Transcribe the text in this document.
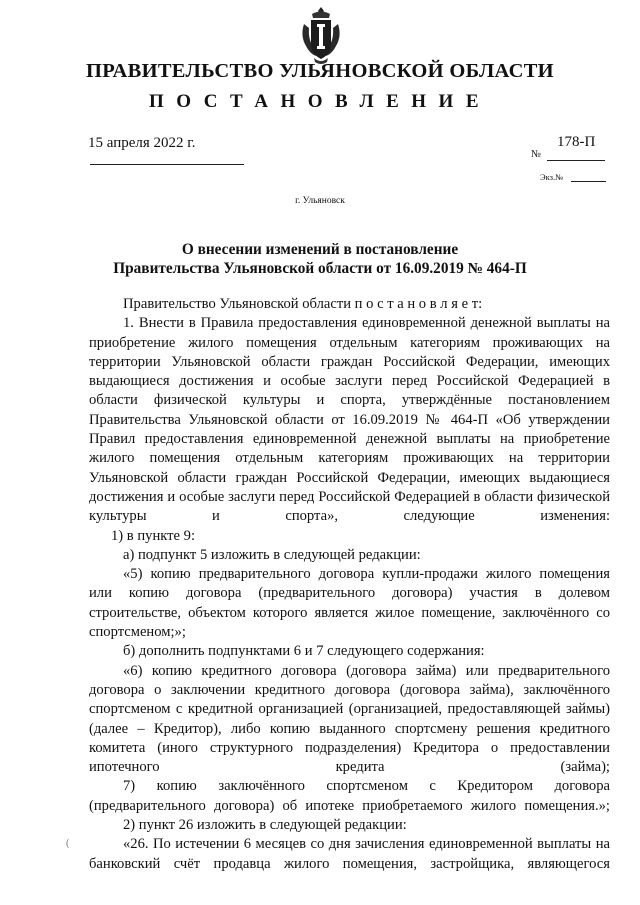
ПРАВИТЕЛЬСТВО УЛЬЯНОВСКОЙ ОБЛАСТИ
ПОСТАНОВЛЕНИЕ
15 апреля 2022 г.	178-П
№
Экз.№
г. Ульяновск
О внесении изменений в постановление
Правительства Ульяновской области от 16.09.2019 № 464-П

Правительство Ульяновской области п о с т а н о в л я е т:

1. Внести в Правила предоставления единовременной денежной выплаты на приобретение жилого помещения отдельным категориям проживающих на территории Ульяновской области граждан Российской Федерации, имеющих выдающиеся достижения и особые заслуги перед Российской Федерацией в области физической культуры и спорта, утверждённые постановлением Правительства Ульяновской области от 16.09.2019 № 464-П «Об утверждении Правил предоставления единовременной денежной выплаты на приобретение жилого помещения отдельным категориям проживающих на территории Ульяновской области граждан Российской Федерации, имеющих выдающиеся достижения и особые заслуги перед Российской Федерацией в области физической культуры и спорта», следующие изменения:

1) в пункте 9:

а) подпункт 5 изложить в следующей редакции:

«5) копию предварительного договора купли-продажи жилого помещения или копию договора (предварительного договора) участия в долевом строительстве, объектом которого является жилое помещение, заключённого со спортсменом;»;

б) дополнить подпунктами 6 и 7 следующего содержания:

«6) копию кредитного договора (договора займа) или предварительного договора о заключении кредитного договора (договора займа), заключённого спортсменом с кредитной организацией (организацией, предоставляющей займы) (далее – Кредитор), либо копию выданного спортсмену решения кредитного комитета (иного структурного подразделения) Кредитора о предоставлении ипотечного кредита (займа);

7) копию заключённого спортсменом с Кредитором договора (предварительного договора) об ипотеке приобретаемого жилого помещения.»;

2) пункт 26 изложить в следующей редакции:

«26. По истечении 6 месяцев со дня зачисления единовременной выплаты на банковский счёт продавца жилого помещения, застройщика, являющегося

(
